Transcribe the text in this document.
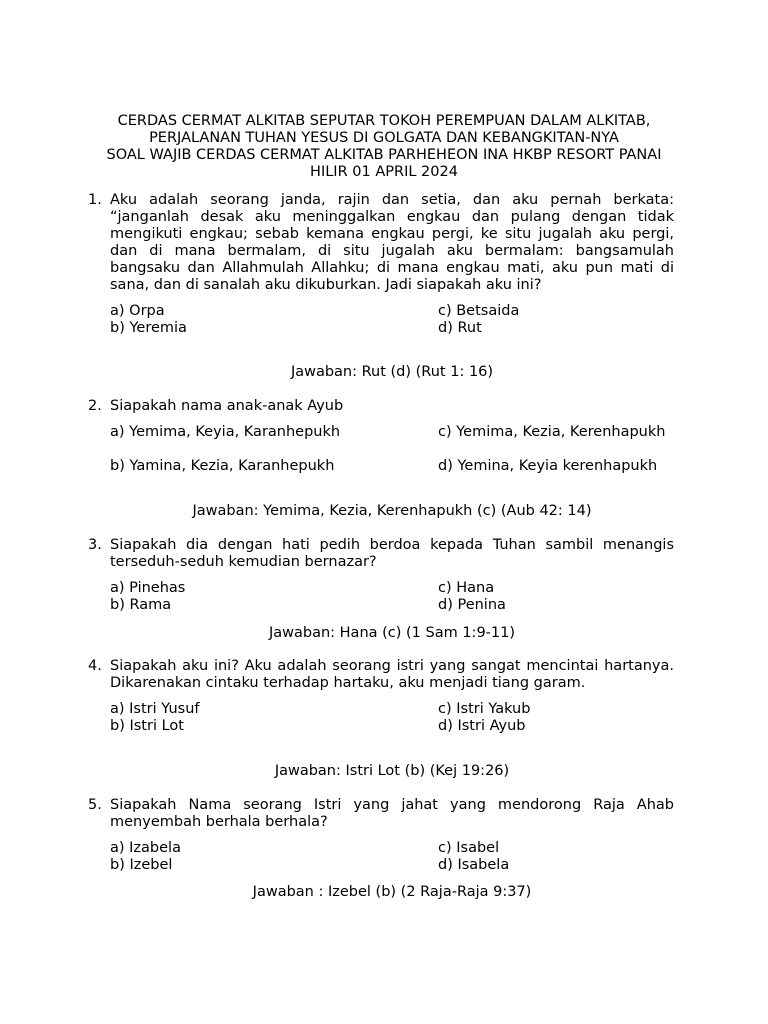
CERDAS CERMAT ALKITAB SEPUTAR TOKOH PEREMPUAN DALAM ALKITAB,
PERJALANAN TUHAN YESUS DI GOLGATA DAN KEBANGKITAN-NYA
SOAL WAJIB CERDAS CERMAT ALKITAB PARHEHEON INA HKBP RESORT PANAI
HILIR 01 APRIL 2024
1. Aku adalah seorang janda, rajin dan setia, dan aku pernah berkata: “janganlah desak aku meninggalkan engkau dan pulang dengan tidak mengikuti engkau; sebab kemana engkau pergi, ke situ jugalah aku pergi, dan di mana bermalam, di situ jugalah aku bermalam: bangsamulah bangsaku dan Allahmulah Allahku; di mana engkau mati, aku pun mati di sana, dan di sanalah aku dikuburkan. Jadi siapakah aku ini?
a) Orpa
b) Yeremia
c) Betsaida
d) Rut
Jawaban: Rut (d) (Rut 1: 16)
2. Siapakah nama anak-anak Ayub
a) Yemima, Keyia, Karanhepukh
b) Yamina, Kezia, Karanhepukh
c) Yemima, Kezia, Kerenhapukh
d) Yemina, Keyia kerenhapukh
Jawaban: Yemima, Kezia, Kerenhapukh (c) (Aub 42: 14)
3. Siapakah dia dengan hati pedih berdoa kepada Tuhan sambil menangis terseduh-seduh kemudian bernazar?
a) Pinehas
b) Rama
c) Hana
d) Penina
Jawaban: Hana (c) (1 Sam 1:9-11)
4. Siapakah aku ini? Aku adalah seorang istri yang sangat mencintai hartanya. Dikarenakan cintaku terhadap hartaku, aku menjadi tiang garam.
a) Istri Yusuf
b) Istri Lot
c) Istri Yakub
d) Istri Ayub
Jawaban: Istri Lot (b) (Kej 19:26)
5. Siapakah Nama seorang Istri yang jahat yang mendorong Raja Ahab menyembah berhala berhala?
a) Izabela
b) Izebel
c) Isabel
d) Isabela
Jawaban : Izebel (b) (2 Raja-Raja 9:37)
